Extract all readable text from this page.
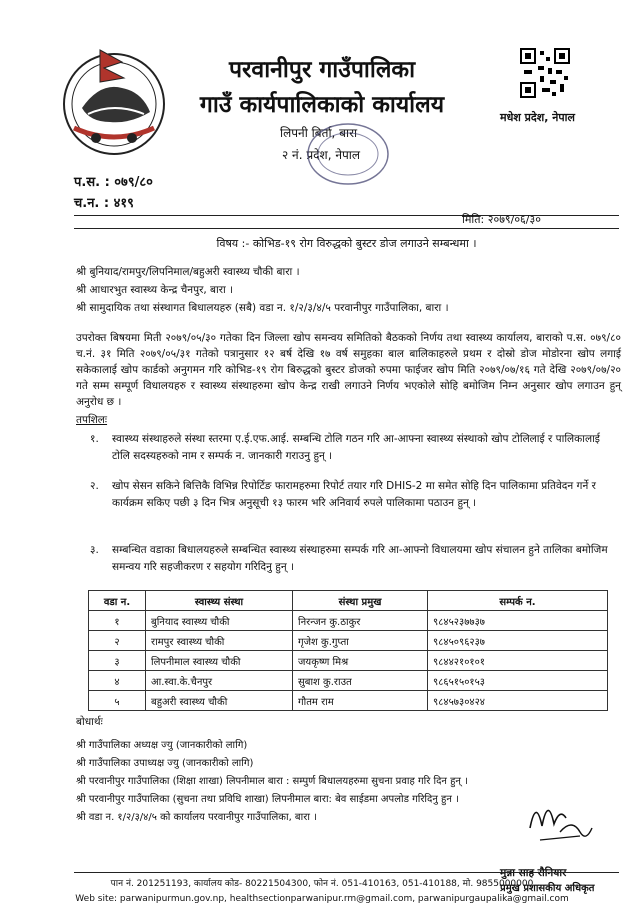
परवानीपुर गाउँपालिका
गाउँ कार्यपालिकाको कार्यालय
लिपनी बिर्ता, बारा
२ नं. प्रदेश, नेपाल
मधेश प्रदेश, नेपाल
प.स. : ०७९/८०
च.न. : ४१९
मिति: २०७९/०६/३०
विषय :- कोभिड-१९ रोग विरुद्धको बुस्टर डोज लगाउने सम्बन्धमा ।
श्री बुनियाद/रामपुर/लिपनिमाल/बहुअरी स्वास्थ्य चौकी बारा ।
श्री आधारभुत स्वास्थ्य केन्द्र चैनपुर, बारा ।
श्री सामुदायिक तथा संस्थागत बिधालयहरु (सबै) वडा न. १/२/३/४/५ परवानीपुर गाउँपालिका, बारा ।
उपरोक्त बिषयमा मिती २०७९/०५/३० गतेका दिन जिल्ला खोप समन्वय समितिको बैठकको निर्णय तथा स्वास्थ्य कार्यालय, बाराको प.स. ०७९/८० च.नं. ३१ मिति २०७९/०५/३१ गतेको पत्रानुसार १२ बर्ष देखि १७ वर्ष समुहका बाल बालिकाहरुले प्रथम र दोस्रो डोज मोडोरना खोप लगाई सकेकालाई खोप कार्डको अनुगमन गरि कोभिड-१९ रोग बिरुद्धको बुस्टर डोजको रुपमा फाईजर खोप मिति २०७९/०७/१६ गते देखि २०७९/०७/२० गते सम्म सम्पूर्ण विधालयहरु र स्वास्थ्य संस्थाहरुमा खोप केन्द्र राखी लगाउने निर्णय भएकोले सोहि बमोजिम निम्न अनुसार खोप लगाउन हुन् अनुरोध छ ।
तपशिलः
१. स्वास्थ्य संस्थाहरुले संस्था स्तरमा ए.ई.एफ.आई. सम्बन्धि टोलि गठन गरि आ-आफ्ना स्वास्थ्य संस्थाको खोप टोलिलाई र पालिकालाई टोलि सदस्यहरुको नाम र सम्पर्क न. जानकारी गराउनु हुन् ।
२. खोप सेसन सकिने बित्तिकै विभिन्न रिपोर्टिङ फारामहरुमा रिपोर्ट तयार गरि DHIS-2 मा समेत सोहि दिन पालिकामा प्रतिवेदन गर्ने र कार्यक्रम सकिए पछी ३ दिन भित्र अनुसूची १३ फारम भरि अनिवार्य रुपले पालिकामा पठाउन हुन् ।
३. सम्बन्धित वडाका बिधालयहरुले सम्बन्धित स्वास्थ्य संस्थाहरुमा सम्पर्क गरि आ-आफ्नो विधालयमा खोप संचालन हुने तालिका बमोजिम समन्वय गरि सहजीकरण र सहयोग गरिदिनु हुन् ।
वडा न.	स्वास्थ्य संस्था	संस्था प्रमुख	सम्पर्क न.
१	बुनियाद स्वास्थ्य चौकी	निरन्जन कु.ठाकुर	९८४५२३७७३७
२	रामपुर स्वास्थ्य चौकी	गृजेश कु.गुप्ता	९८४५०९६२३७
३	लिपनीमाल स्वास्थ्य चौकी	जयकृष्ण मिश्र	९८४४२१०१०१
४	आ.स्वा.के.चैनपुर	सुबाश कु.राउत	९८६५१५०१५३
५	बहुअरी स्वास्थ्य चौकी	गौतम राम	९८४५७३०४२४
बोधार्थः
श्री गाउँपालिका अध्यक्ष ज्यु (जानकारीको लागि)
श्री गाउँपालिका उपाध्यक्ष ज्यु (जानकारीको लागि)
श्री परवानीपुर गाउँपालिका (शिक्षा शाखा) लिपनीमाल बारा : सम्पुर्ण बिधालयहरुमा सुचना प्रवाह गरि दिन हुन् ।
श्री परवानीपुर गाउँपालिका (सुचना तथा प्रविधि शाखा) लिपनीमाल बारा: बेव साईडमा अपलोड गरिदिनु हुन ।
श्री वडा न. १/२/३/४/५ को कार्यालय परवानीपुर गाउँपालिका, बारा ।
मुन्ना साह रौनियार
प्रमुख प्रशासकीय अधिकृत
पान नं. 201251193, कार्यालय कोड- 80221504300, फोन नं. 051-410163, 051-410188, मो. 9855000000
Web site: parwanipurmun.gov.np, healthsectionparwanipur.rm@gmail.com, parwanipurgaupalika@gmail.com
